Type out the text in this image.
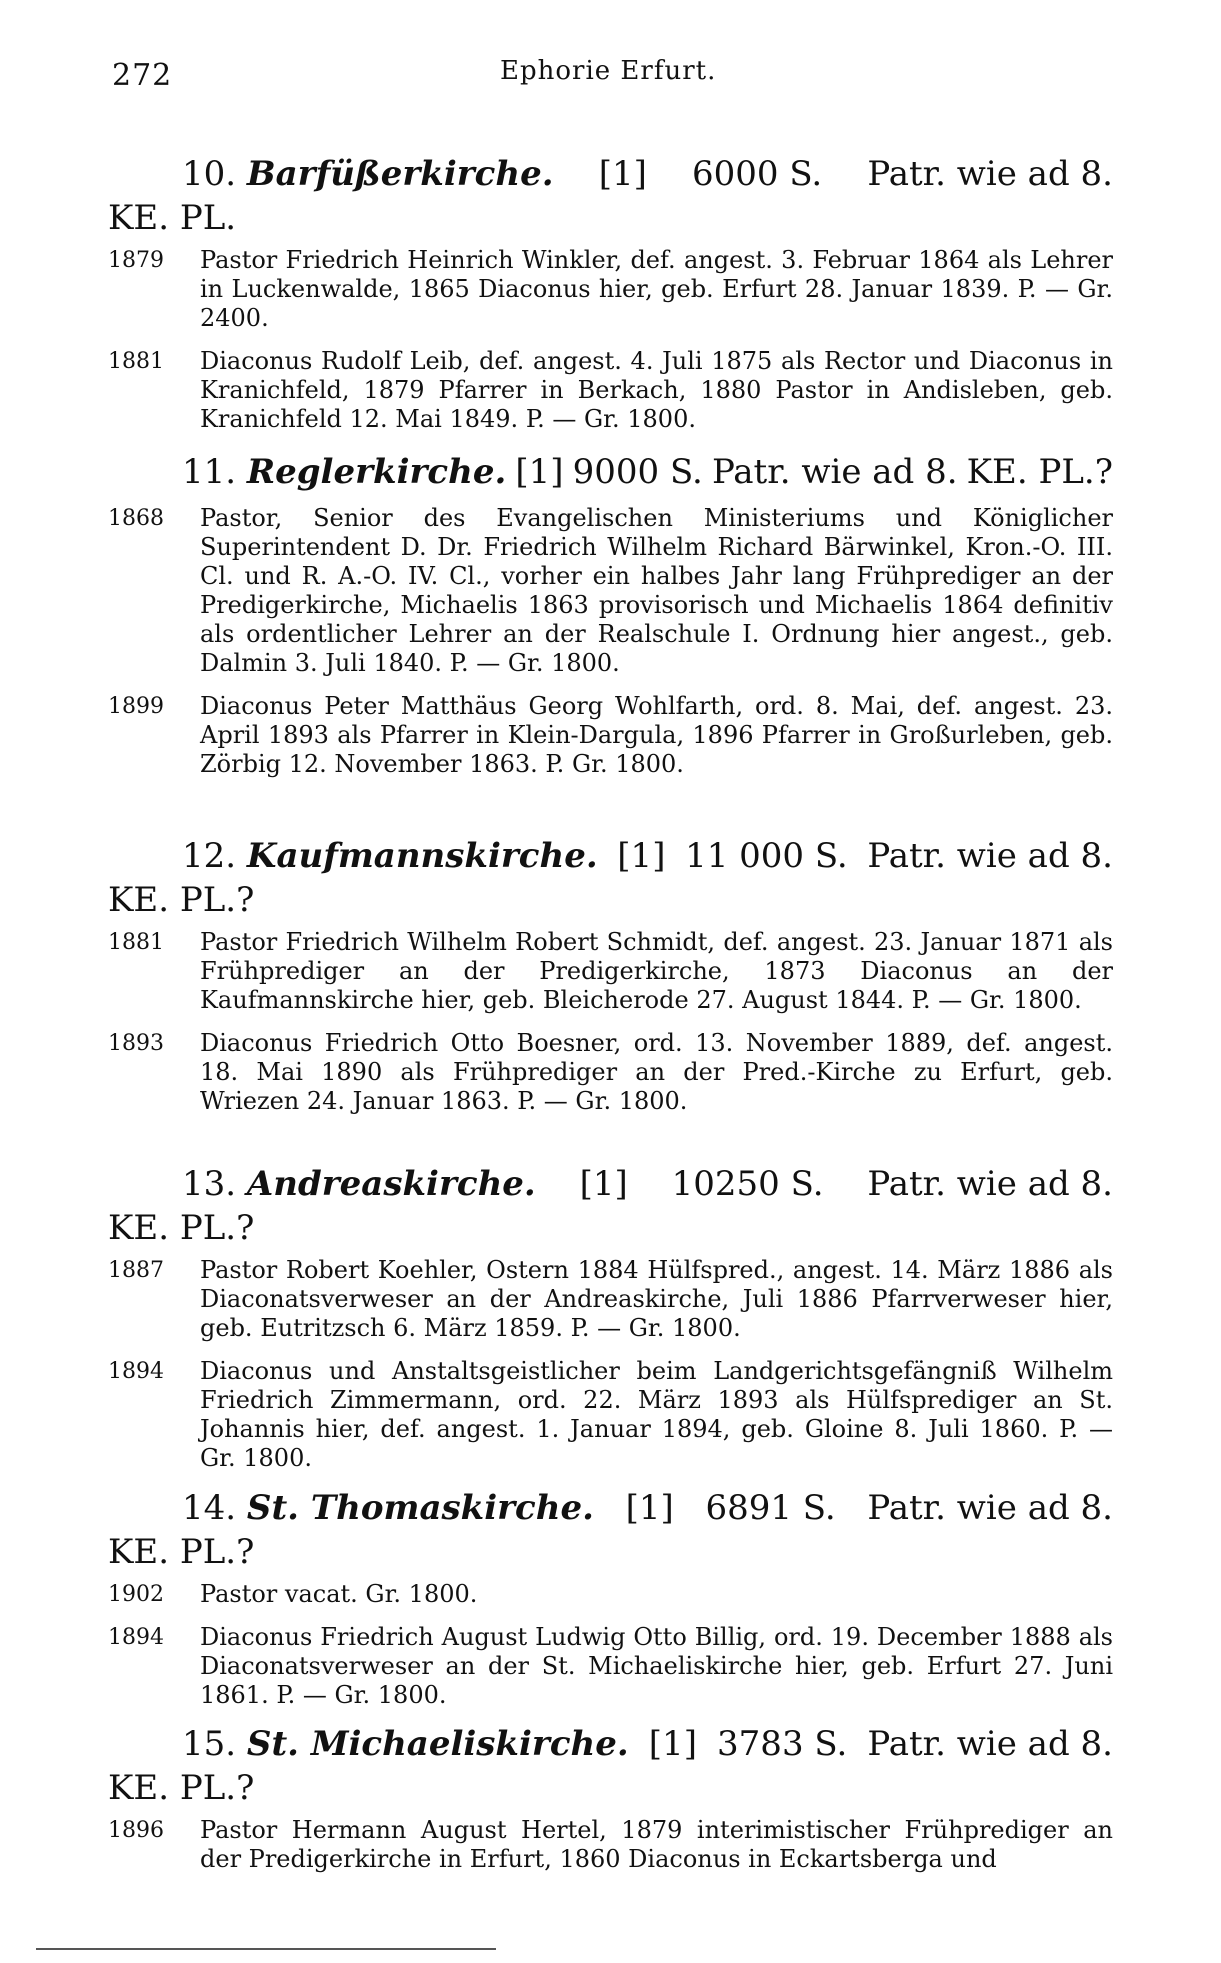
272	Ephorie Erfurt.
10. Barfüßerkirche. [1] 6000 S. Patr. wie ad 8.
KE. PL.
1879	Pastor Friedrich Heinrich Winkler, def. angest. 3. Februar 1864 als Lehrer in Luckenwalde, 1865 Diaconus hier, geb. Erfurt 28. Januar 1839. P. — Gr. 2400.
1881	Diaconus Rudolf Leib, def. angest. 4. Juli 1875 als Rector und Diaconus in Kranichfeld, 1879 Pfarrer in Berkach, 1880 Pastor in Andisleben, geb. Kranichfeld 12. Mai 1849. P. — Gr. 1800.
11. Reglerkirche. [1] 9000 S. Patr. wie ad 8. KE. PL.?
1868	Pastor, Senior des Evangelischen Ministeriums und Königlicher Superintendent D. Dr. Friedrich Wilhelm Richard Bärwinkel, Kron.-O. III. Cl. und R. A.-O. IV. Cl., vorher ein halbes Jahr lang Frühprediger an der Predigerkirche, Michaelis 1863 provisorisch und Michaelis 1864 definitiv als ordentlicher Lehrer an der Realschule I. Ordnung hier angest., geb. Dalmin 3. Juli 1840. P. — Gr. 1800.
1899	Diaconus Peter Matthäus Georg Wohlfarth, ord. 8. Mai, def. angest. 23. April 1893 als Pfarrer in Klein-Dargula, 1896 Pfarrer in Großurleben, geb. Zörbig 12. November 1863. P. Gr. 1800.
12. Kaufmannskirche. [1] 11 000 S. Patr. wie ad 8.
KE. PL.?
1881	Pastor Friedrich Wilhelm Robert Schmidt, def. angest. 23. Januar 1871 als Frühprediger an der Predigerkirche, 1873 Diaconus an der Kaufmannskirche hier, geb. Bleicherode 27. August 1844. P. — Gr. 1800.
1893	Diaconus Friedrich Otto Boesner, ord. 13. November 1889, def. angest. 18. Mai 1890 als Frühprediger an der Pred.-Kirche zu Erfurt, geb. Wriezen 24. Januar 1863. P. — Gr. 1800.
13. Andreaskirche. [1] 10250 S. Patr. wie ad 8.
KE. PL.?
1887	Pastor Robert Koehler, Ostern 1884 Hülfspred., angest. 14. März 1886 als Diaconatsverweser an der Andreaskirche, Juli 1886 Pfarrverweser hier, geb. Eutritzsch 6. März 1859. P. — Gr. 1800.
1894	Diaconus und Anstaltsgeistlicher beim Landgerichtsgefängniß Wilhelm Friedrich Zimmermann, ord. 22. März 1893 als Hülfsprediger an St. Johannis hier, def. angest. 1. Januar 1894, geb. Gloine 8. Juli 1860. P. — Gr. 1800.
14. St. Thomaskirche. [1] 6891 S. Patr. wie ad 8.
KE. PL.?
1902	Pastor vacat. Gr. 1800.
1894	Diaconus Friedrich August Ludwig Otto Billig, ord. 19. December 1888 als Diaconatsverweser an der St. Michaeliskirche hier, geb. Erfurt 27. Juni 1861. P. — Gr. 1800.
15. St. Michaeliskirche. [1] 3783 S. Patr. wie ad 8.
KE. PL.?
1896	Pastor Hermann August Hertel, 1879 interimistischer Frühprediger an der Predigerkirche in Erfurt, 1860 Diaconus in Eckartsberga und
